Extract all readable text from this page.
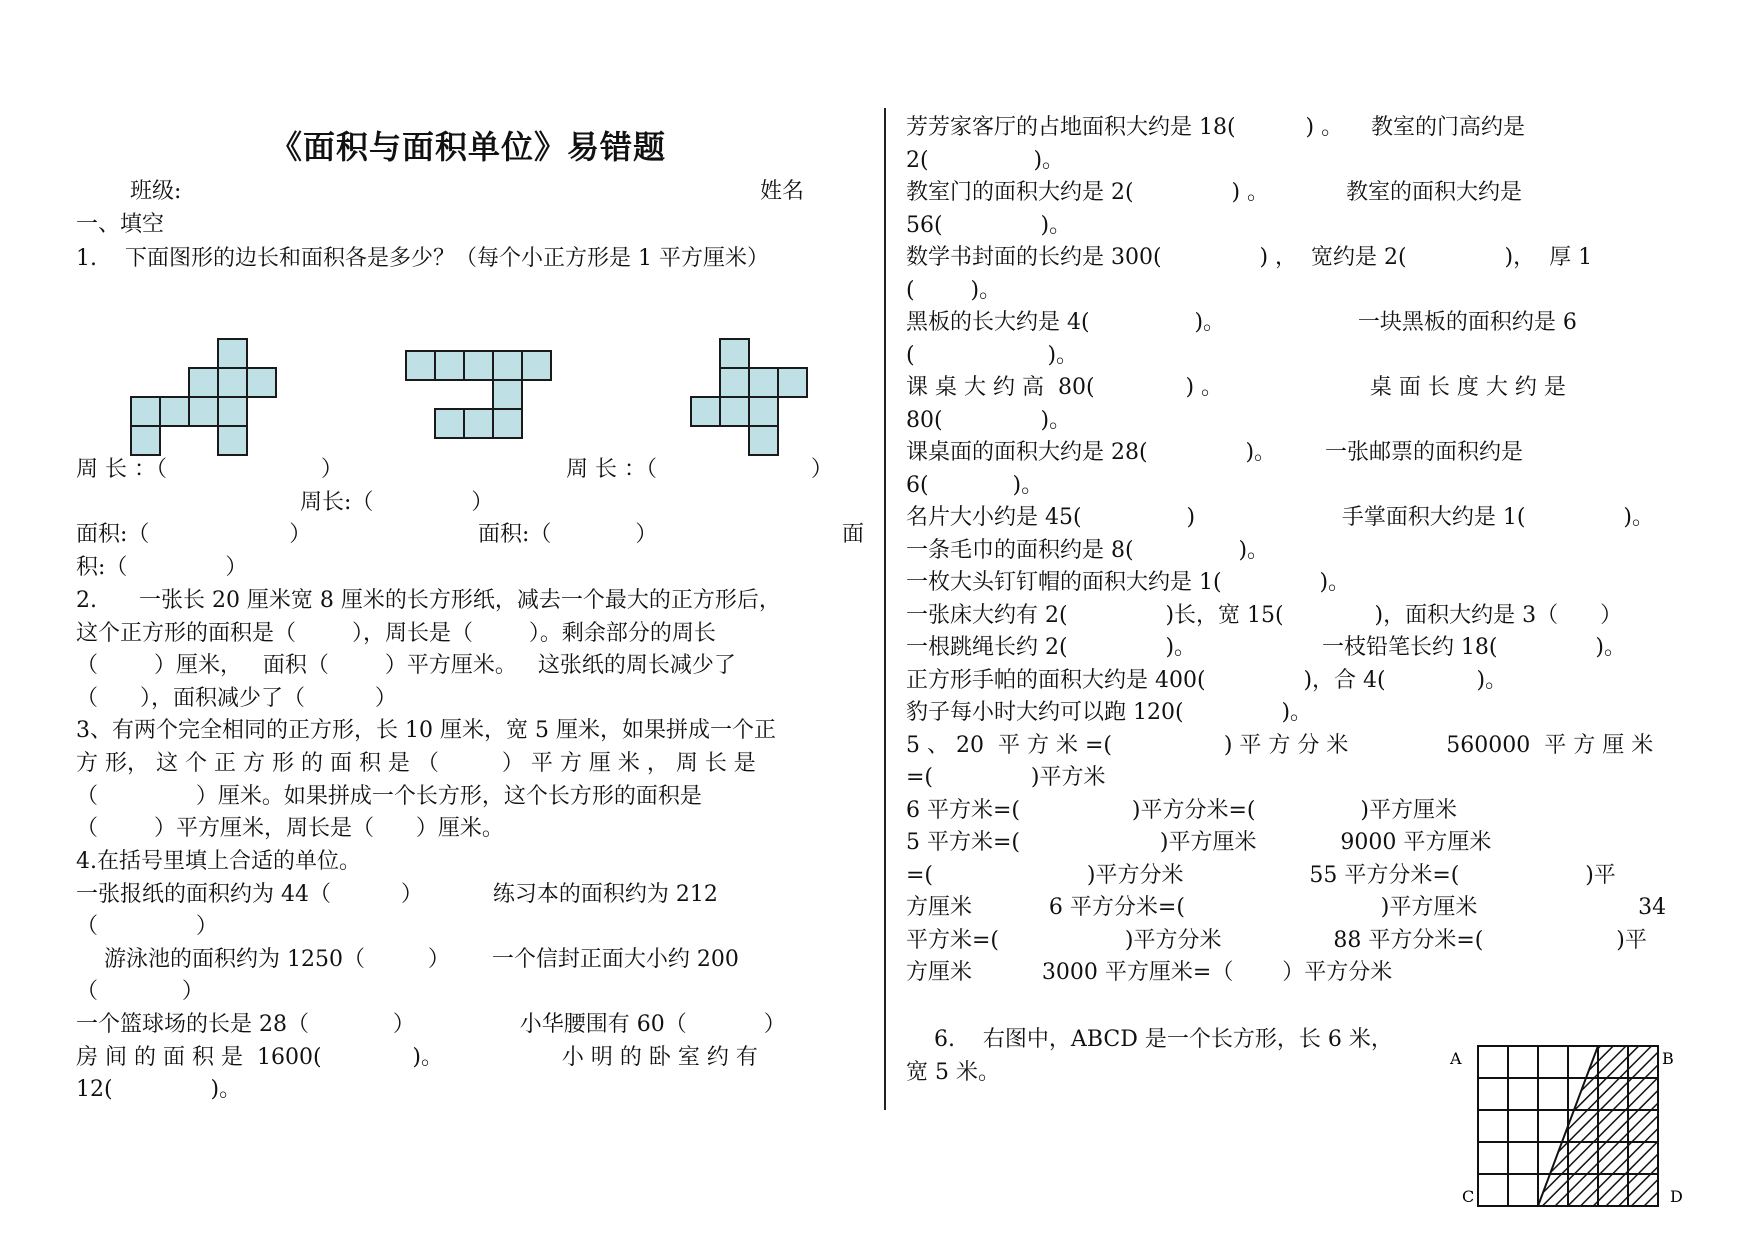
《面积与面积单位》易错题
班级:	姓名
一、填空
1.    下面图形的边长和面积各是多少？（每个小正方形是 1 平方厘米）
周 长 ：（                      ）	周 长 ：（                      ）
周长:（              ）
面积:（                    ）	面积:（            ）	面
积:（              ）
2.      一张长 20 厘米宽 8 厘米的长方形纸，减去一个最大的正方形后，
这个正方形的面积是（        ），周长是（        ）。剩余部分的周长
（        ）厘米，   面积（        ）平方厘米。   这张纸的周长减少了
（      ），面积减少了（          ）
3、有两个完全相同的正方形，长 10 厘米，宽 5 厘米，如果拼成一个正
方 形， 这 个 正 方 形 的 面 积 是 （         ） 平 方 厘 米 ， 周 长 是
（              ）厘米。如果拼成一个长方形，这个长方形的面积是
（        ）平方厘米，周长是（      ）厘米。
4.在括号里填上合适的单位。
一张报纸的面积约为 44（          ）          练习本的面积约为 212
（              ）
游泳池的面积约为 1250（         ）      一个信封正面大小约 200
（            ）
一个篮球场的长是 28（            ）               小华腰围有 60（           ）
房 间 的 面 积 是  1600(             )。                 小 明 的 卧 室 约 有
12(              )。
芳芳家客厅的占地面积大约是 18(          ) 。    教室的门高约是
2(               )。
教室门的面积大约是 2(              ) 。           教室的面积大约是
56(              )。
数学书封面的长约是 300(              ) ，  宽约是 2(              )，  厚 1
(        )。
黑板的长大约是 4(               )。                   一块黑板的面积约是 6
(                   )。
课 桌 大 约 高  80(             ) 。                     桌 面 长 度 大 约 是
80(              )。
课桌面的面积大约是 28(              )。       一张邮票的面积约是
6(            )。
名片大小约是 45(               )                     手掌面积大约是 1(              )。
一条毛巾的面积约是 8(               )。
一枚大头钉钉帽的面积大约是 1(              )。
一张床大约有 2(              )长，宽 15(             )，面积大约是 3（      ）
一根跳绳长约 2(              )。                  一枝铅笔长约 18(              )。
正方形手帕的面积大约是 400(              )，合 4(             )。
豹子每小时大约可以跑 120(              )。
5 、 20  平 方 米 =(                ) 平 方 分 米              560000  平 方 厘 米
=(              )平方米
6 平方米=(                )平方分米=(               )平方厘米
5 平方米=(                    )平方厘米            9000 平方厘米
=(                      )平方分米                  55 平方分米=(                  )平
方厘米           6 平方分米=(                            )平方厘米                       34
平方米=(                  )平方分米                88 平方分米=(                   )平
方厘米          3000 平方厘米=（       ）平方分米
6.    右图中，ABCD 是一个长方形，长 6 米，
宽 5 米。
A	B
C	D
